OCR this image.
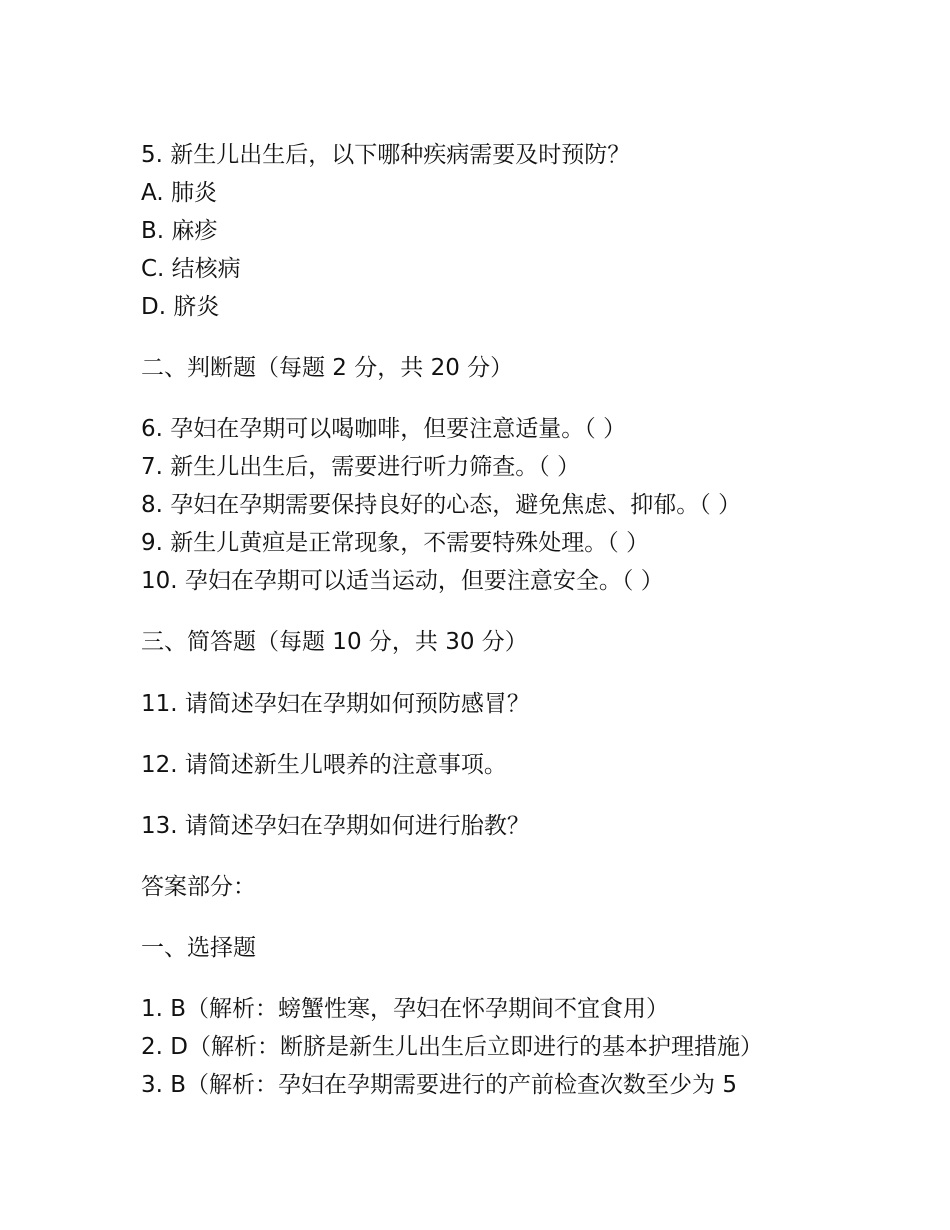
5. 新生儿出生后，以下哪种疾病需要及时预防？
A. 肺炎
B. 麻疹
C. 结核病
D. 脐炎
二、判断题（每题 2 分，共 20 分）
6. 孕妇在孕期可以喝咖啡，但要注意适量。（ ）
7. 新生儿出生后，需要进行听力筛查。（ ）
8. 孕妇在孕期需要保持良好的心态，避免焦虑、抑郁。（ ）
9. 新生儿黄疸是正常现象，不需要特殊处理。（ ）
10. 孕妇在孕期可以适当运动，但要注意安全。（ ）
三、简答题（每题 10 分，共 30 分）
11. 请简述孕妇在孕期如何预防感冒？
12. 请简述新生儿喂养的注意事项。
13. 请简述孕妇在孕期如何进行胎教？
答案部分：
一、选择题
1. B（解析：螃蟹性寒，孕妇在怀孕期间不宜食用）
2. D（解析：断脐是新生儿出生后立即进行的基本护理措施）
3. B（解析：孕妇在孕期需要进行的产前检查次数至少为 5
